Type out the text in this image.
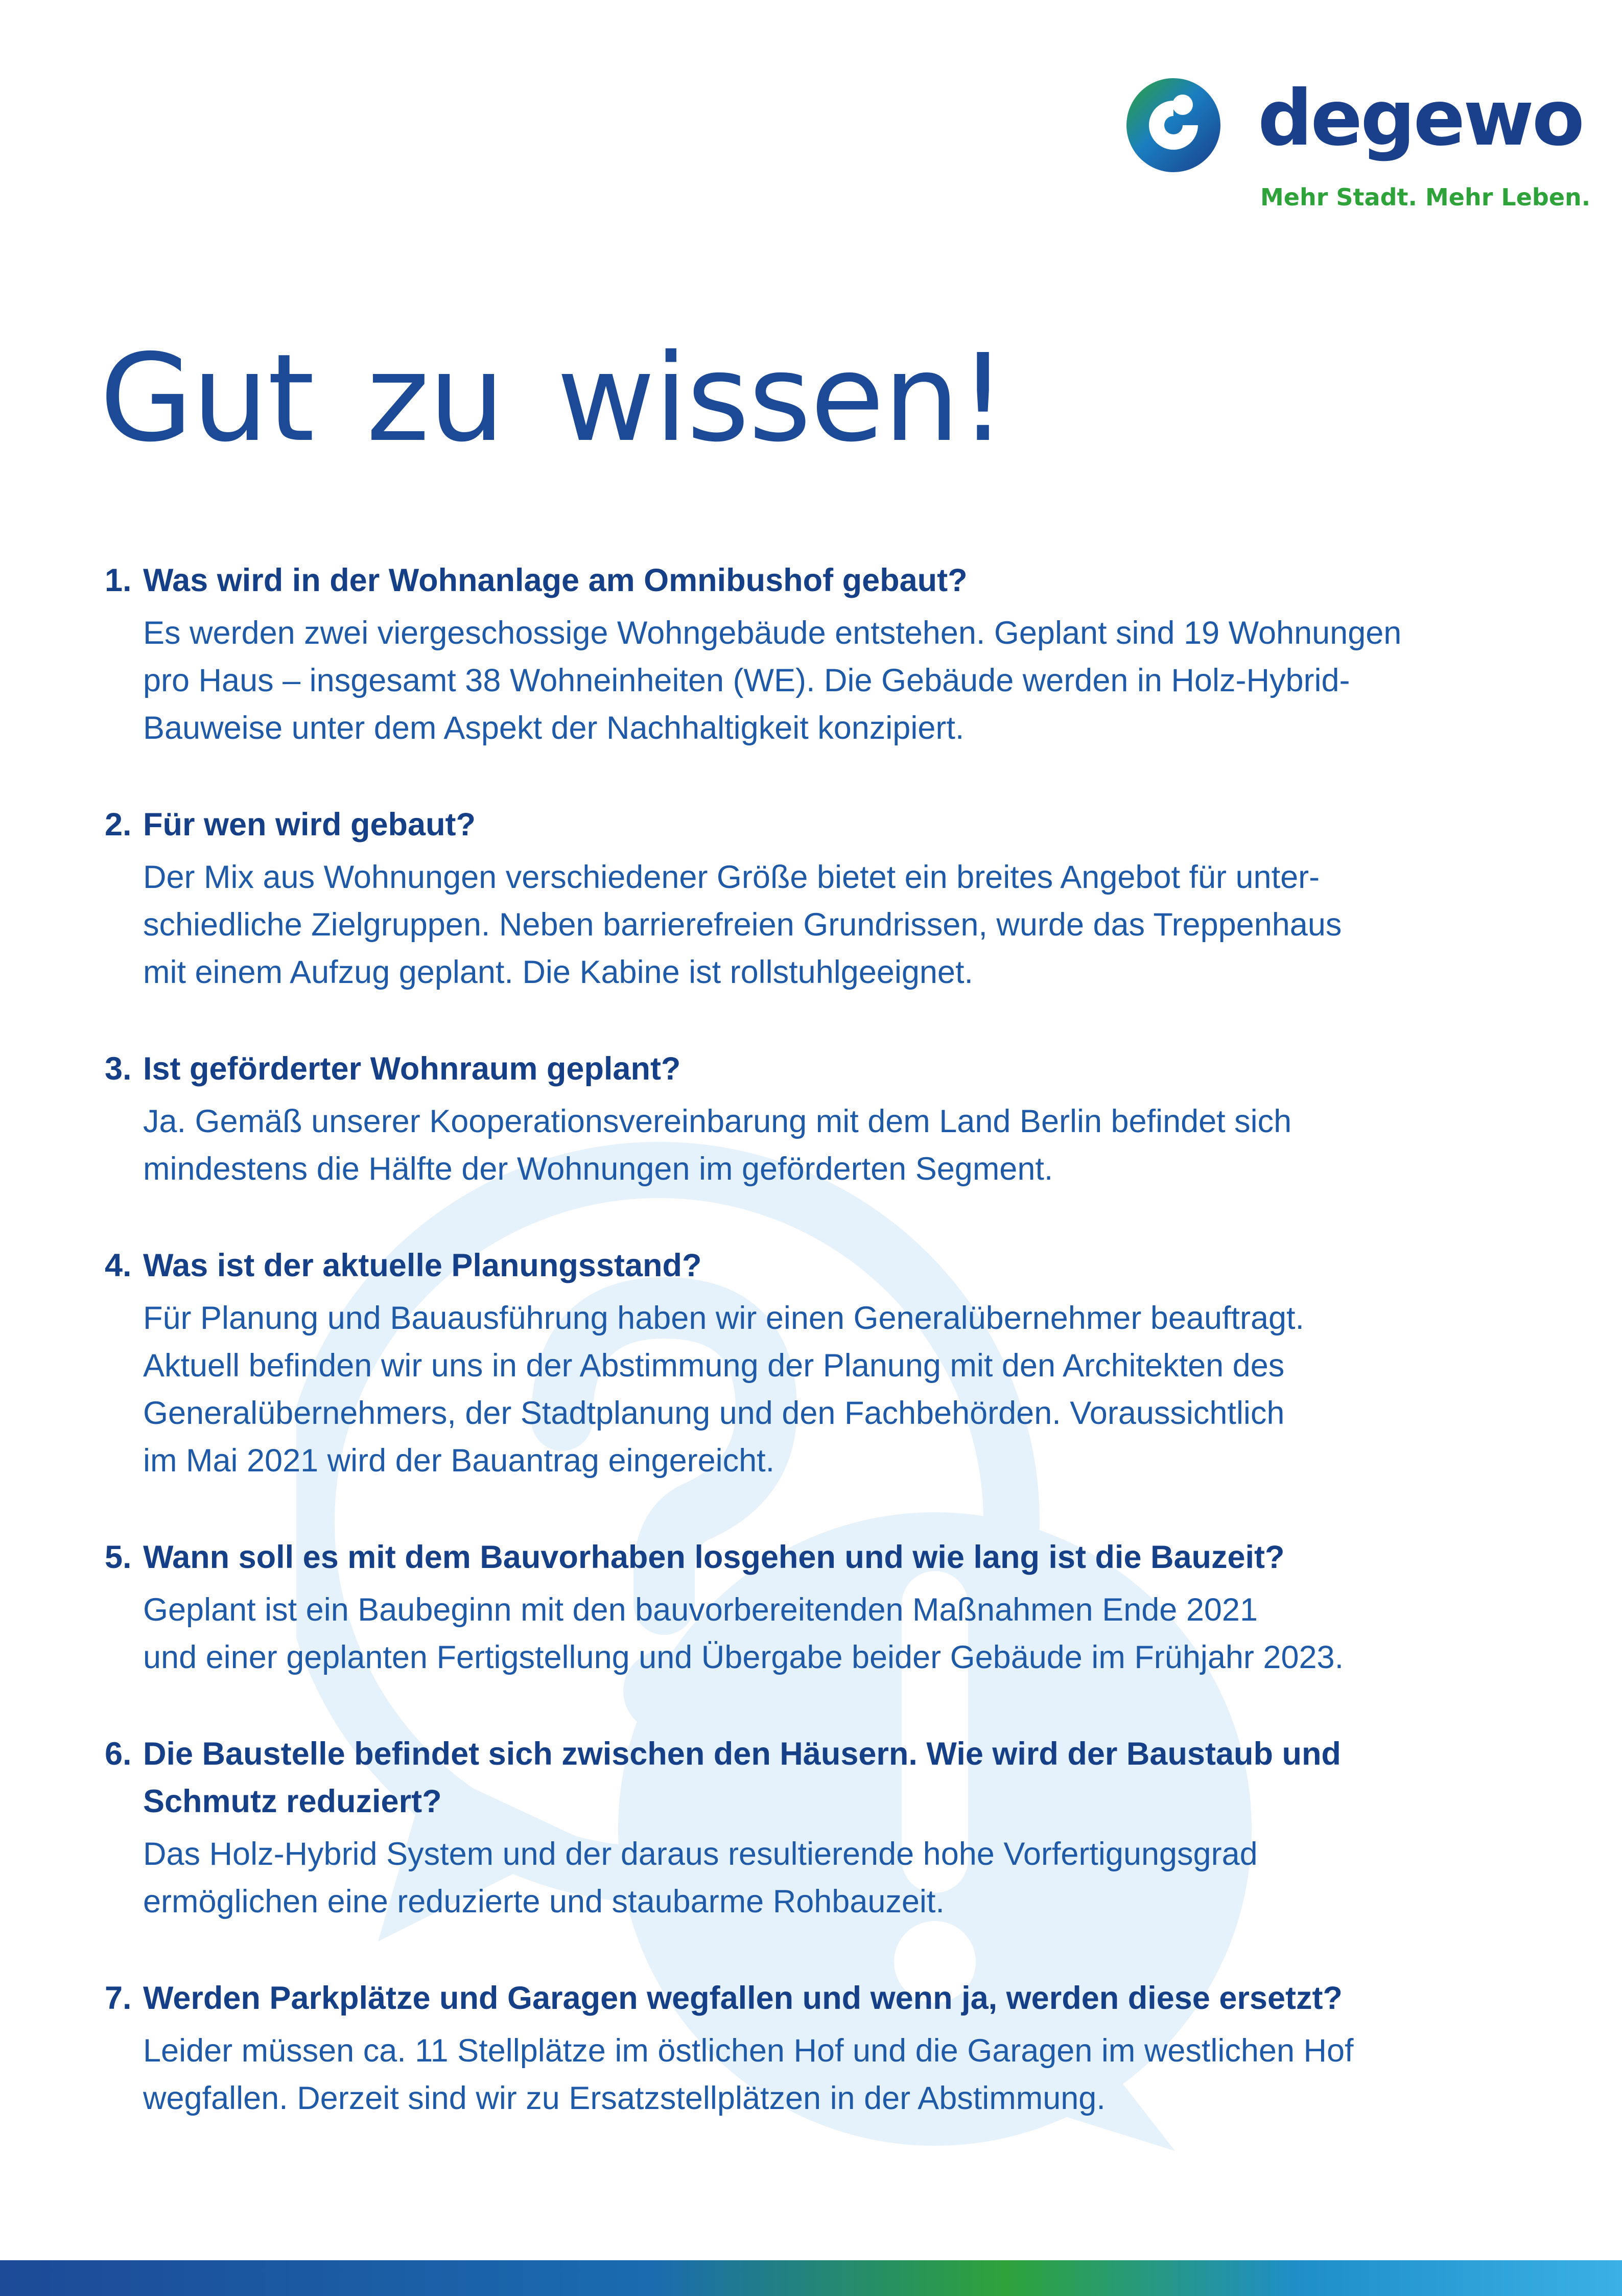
degewo
Mehr Stadt. Mehr Leben.
Gut zu wissen!
1. Was wird in der Wohnanlage am Omnibushof gebaut?
Es werden zwei viergeschossige Wohngebäude entstehen. Geplant sind 19 Wohnungen
pro Haus – insgesamt 38 Wohneinheiten (WE). Die Gebäude werden in Holz-Hybrid-
Bauweise unter dem Aspekt der Nachhaltigkeit konzipiert.
2. Für wen wird gebaut?
Der Mix aus Wohnungen verschiedener Größe bietet ein breites Angebot für unter-
schiedliche Zielgruppen. Neben barrierefreien Grundrissen, wurde das Treppenhaus
mit einem Aufzug geplant. Die Kabine ist rollstuhlgeeignet.
3. Ist geförderter Wohnraum geplant?
Ja. Gemäß unserer Kooperationsvereinbarung mit dem Land Berlin befindet sich
mindestens die Hälfte der Wohnungen im geförderten Segment.
4. Was ist der aktuelle Planungsstand?
Für Planung und Bauausführung haben wir einen Generalübernehmer beauftragt.
Aktuell befinden wir uns in der Abstimmung der Planung mit den Architekten des
Generalübernehmers, der Stadtplanung und den Fachbehörden. Voraussichtlich
im Mai 2021 wird der Bauantrag eingereicht.
5. Wann soll es mit dem Bauvorhaben losgehen und wie lang ist die Bauzeit?
Geplant ist ein Baubeginn mit den bauvorbereitenden Maßnahmen Ende 2021
und einer geplanten Fertigstellung und Übergabe beider Gebäude im Frühjahr 2023.
6. Die Baustelle befindet sich zwischen den Häusern. Wie wird der Baustaub und Schmutz reduziert?
Das Holz-Hybrid System und der daraus resultierende hohe Vorfertigungsgrad
ermöglichen eine reduzierte und staubarme Rohbauzeit.
7. Werden Parkplätze und Garagen wegfallen und wenn ja, werden diese ersetzt?
Leider müssen ca. 11 Stellplätze im östlichen Hof und die Garagen im westlichen Hof
wegfallen. Derzeit sind wir zu Ersatzstellplätzen in der Abstimmung.
